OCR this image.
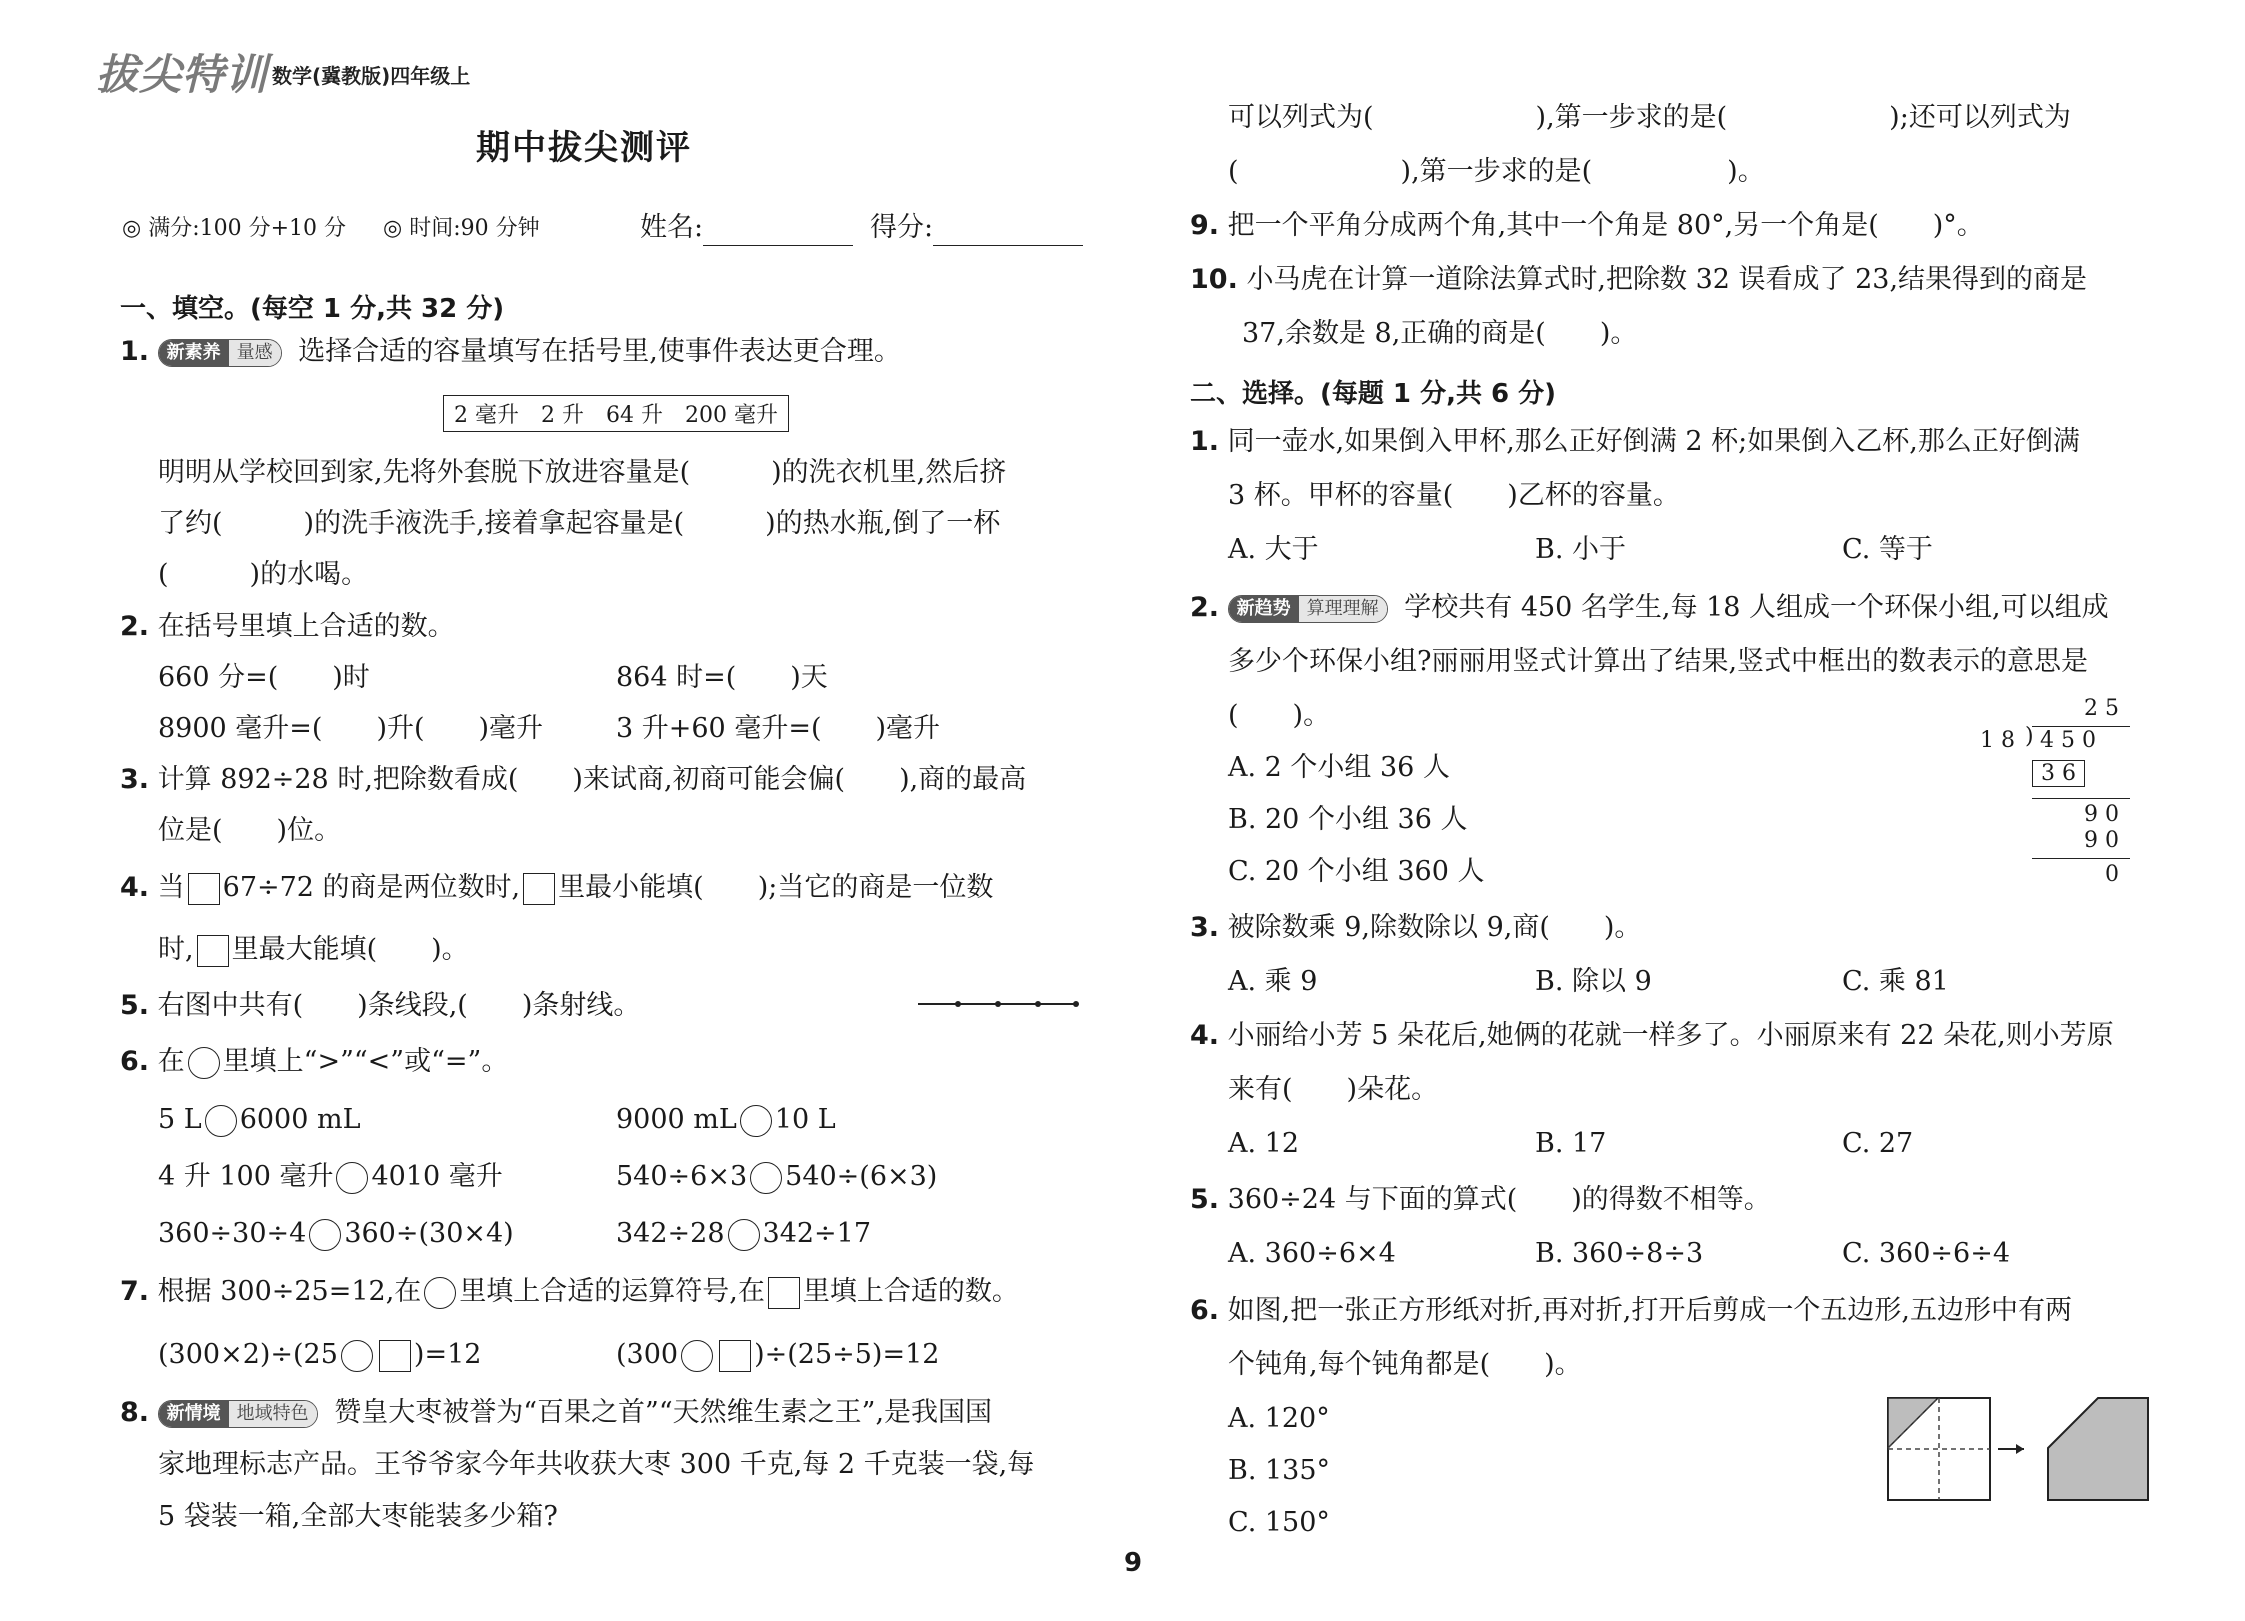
拔尖特训 数学(冀教版)四年级上
期中拔尖测评
◎ 满分:100 分+10 分 ◎ 时间:90 分钟	姓名:	得分:
一、填空。(每空 1 分,共 32 分)
1. 新素养 量感 选择合适的容量填写在括号里,使事件表达更合理。
2 毫升　2 升　64 升　200 毫升
明明从学校回到家,先将外套脱下放进容量是(　　　)的洗衣机里,然后挤
了约(　　　)的洗手液洗手,接着拿起容量是(　　　)的热水瓶,倒了一杯
(　　　)的水喝。
2. 在括号里填上合适的数。
660 分=(　　)时	864 时=(　　)天
8900 毫升=(　　)升(　　)毫升	3 升+60 毫升=(　　)毫升
3. 计算 892÷28 时,把除数看成(　　)来试商,初商可能会偏(　　),商的最高
位是(　　)位。
4. 当 67÷72 的商是两位数时, 里最小能填(　　);当它的商是一位数
时, 里最大能填(　　)。
5. 右图中共有(　　)条线段,(　　)条射线。
6. 在 里填上“>”“<”或“=”。
5 L 6000 mL	9000 mL 10 L
4 升 100 毫升 4010 毫升	540÷6×3 540÷(6×3)
360÷30÷4 360÷(30×4)	342÷28 342÷17
7. 根据 300÷25=12,在 里填上合适的运算符号,在 里填上合适的数。
(300×2)÷(25	)=12	(300	)÷(25÷5)=12
8. 新情境 地域特色 赞皇大枣被誉为“百果之首”“天然维生素之王”,是我国国
家地理标志产品。王爷爷家今年共收获大枣 300 千克,每 2 千克装一袋,每
5 袋装一箱,全部大枣能装多少箱?
可以列式为(　　　　　　),第一步求的是(　　　　　　);还可以列式为
(　　　　　　),第一步求的是(　　　　　)。
9. 把一个平角分成两个角,其中一个角是 80°,另一个角是(　　)°。
10. 小马虎在计算一道除法算式时,把除数 32 误看成了 23,结果得到的商是
37,余数是 8,正确的商是(　　)。
二、选择。(每题 1 分,共 6 分)
1. 同一壶水,如果倒入甲杯,那么正好倒满 2 杯;如果倒入乙杯,那么正好倒满
3 杯。甲杯的容量(　　)乙杯的容量。
A. 大于	B. 小于	C. 等于
2. 新趋势 算理理解 学校共有 450 名学生,每 18 人组成一个环保小组,可以组成
多少个环保小组?丽丽用竖式计算出了结果,竖式中框出的数表示的意思是
(　　)。
A. 2 个小组 36 人
B. 20 个小组 36 人
C. 20 个小组 360 人
2 5
1 8 ) 4 5 0
3 6
9 0
9 0
0
3. 被除数乘 9,除数除以 9,商(　　)。
A. 乘 9	B. 除以 9	C. 乘 81
4. 小丽给小芳 5 朵花后,她俩的花就一样多了。小丽原来有 22 朵花,则小芳原
来有(　　)朵花。
A. 12	B. 17	C. 27
5. 360÷24 与下面的算式(　　)的得数不相等。
A. 360÷6×4	B. 360÷8÷3	C. 360÷6÷4
6. 如图,把一张正方形纸对折,再对折,打开后剪成一个五边形,五边形中有两
个钝角,每个钝角都是(　　)。
A. 120°
B. 135°
C. 150°
9
